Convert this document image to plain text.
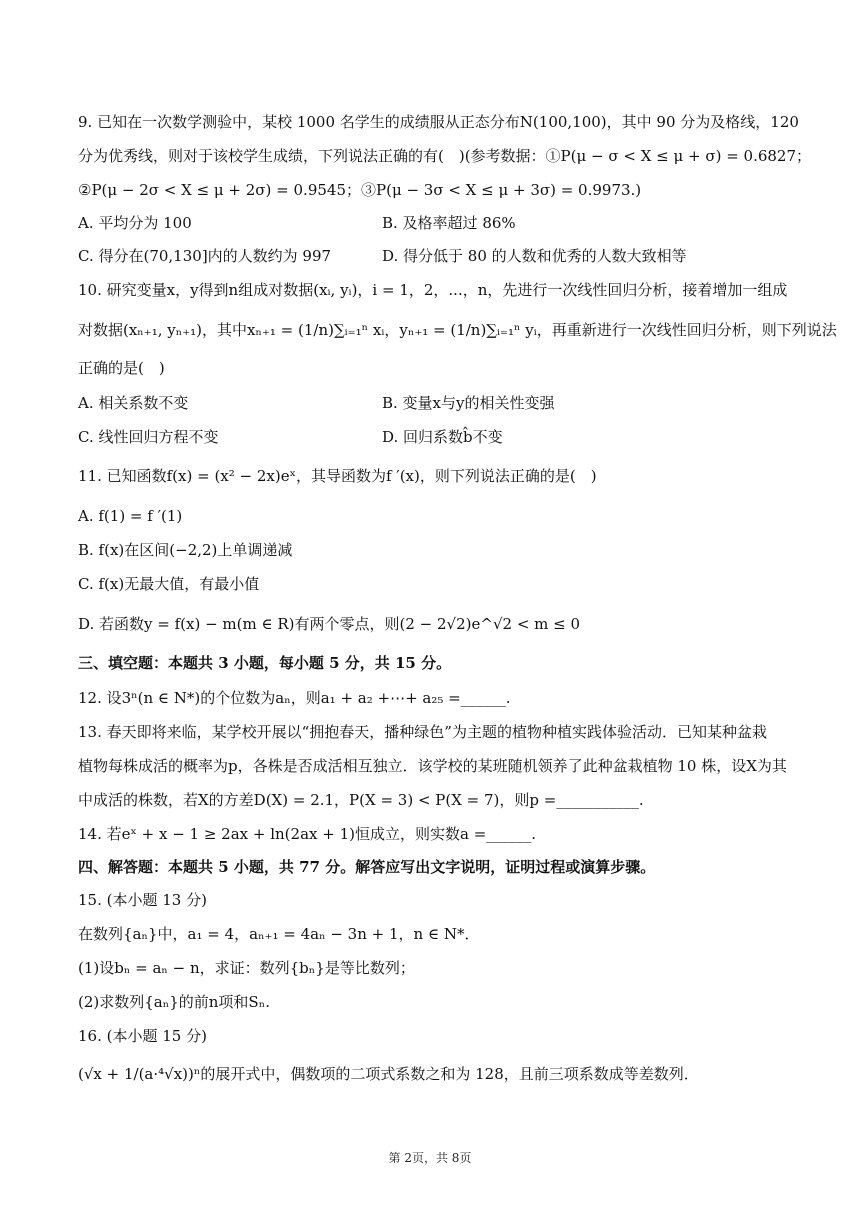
9. 已知在一次数学测验中，某校 1000 名学生的成绩服从正态分布N(100,100)，其中 90 分为及格线，120
分为优秀线，则对于该校学生成绩，下列说法正确的有(　)(参考数据：①P(μ − σ < X ≤ μ + σ) = 0.6827；
②P(μ − 2σ < X ≤ μ + 2σ) = 0.9545；③P(μ − 3σ < X ≤ μ + 3σ) = 0.9973.)
A. 平均分为 100	B. 及格率超过 86%
C. 得分在(70,130]内的人数约为 997	D. 得分低于 80 的人数和优秀的人数大致相等
10. 研究变量x，y得到n组成对数据(xᵢ, yᵢ)，i = 1，2，...，n，先进行一次线性回归分析，接着增加一组成
对数据(xₙ₊₁, yₙ₊₁)，其中xₙ₊₁ = (1/n)∑ᵢ₌₁ⁿ xᵢ，yₙ₊₁ = (1/n)∑ᵢ₌₁ⁿ yᵢ，再重新进行一次线性回归分析，则下列说法
正确的是(　)
A. 相关系数不变	B. 变量x与y的相关性变强
C. 线性回归方程不变	D. 回归系数b̂不变
11. 已知函数f(x) = (x² − 2x)eˣ，其导函数为f ′(x)，则下列说法正确的是(　)
A. f(1) = f ′(1)
B. f(x)在区间(−2,2)上单调递减
C. f(x)无最大值，有最小值
D. 若函数y = f(x) − m(m ∈ R)有两个零点，则(2 − 2√2)e^√2 < m ≤ 0
三、填空题：本题共 3 小题，每小题 5 分，共 15 分。
12. 设3ⁿ(n ∈ N*)的个位数为aₙ，则a₁ + a₂ +⋯+ a₂₅ =______.
13. 春天即将来临，某学校开展以“拥抱春天，播种绿色”为主题的植物种植实践体验活动．已知某种盆栽
植物每株成活的概率为p，各株是否成活相互独立．该学校的某班随机领养了此种盆栽植物 10 株，设X为其
中成活的株数，若X的方差D(X) = 2.1，P(X = 3) < P(X = 7)，则p =___________.
14. 若eˣ + x − 1 ≥ 2ax + ln(2ax + 1)恒成立，则实数a =______.
四、解答题：本题共 5 小题，共 77 分。解答应写出文字说明，证明过程或演算步骤。
15. (本小题 13 分)
在数列{aₙ}中，a₁ = 4，aₙ₊₁ = 4aₙ − 3n + 1，n ∈ N*．
(1)设bₙ = aₙ − n，求证：数列{bₙ}是等比数列；
(2)求数列{aₙ}的前n项和Sₙ.
16. (本小题 15 分)
(√x + 1/(a·⁴√x))ⁿ的展开式中，偶数项的二项式系数之和为 128，且前三项系数成等差数列．
第 2页，共 8页
